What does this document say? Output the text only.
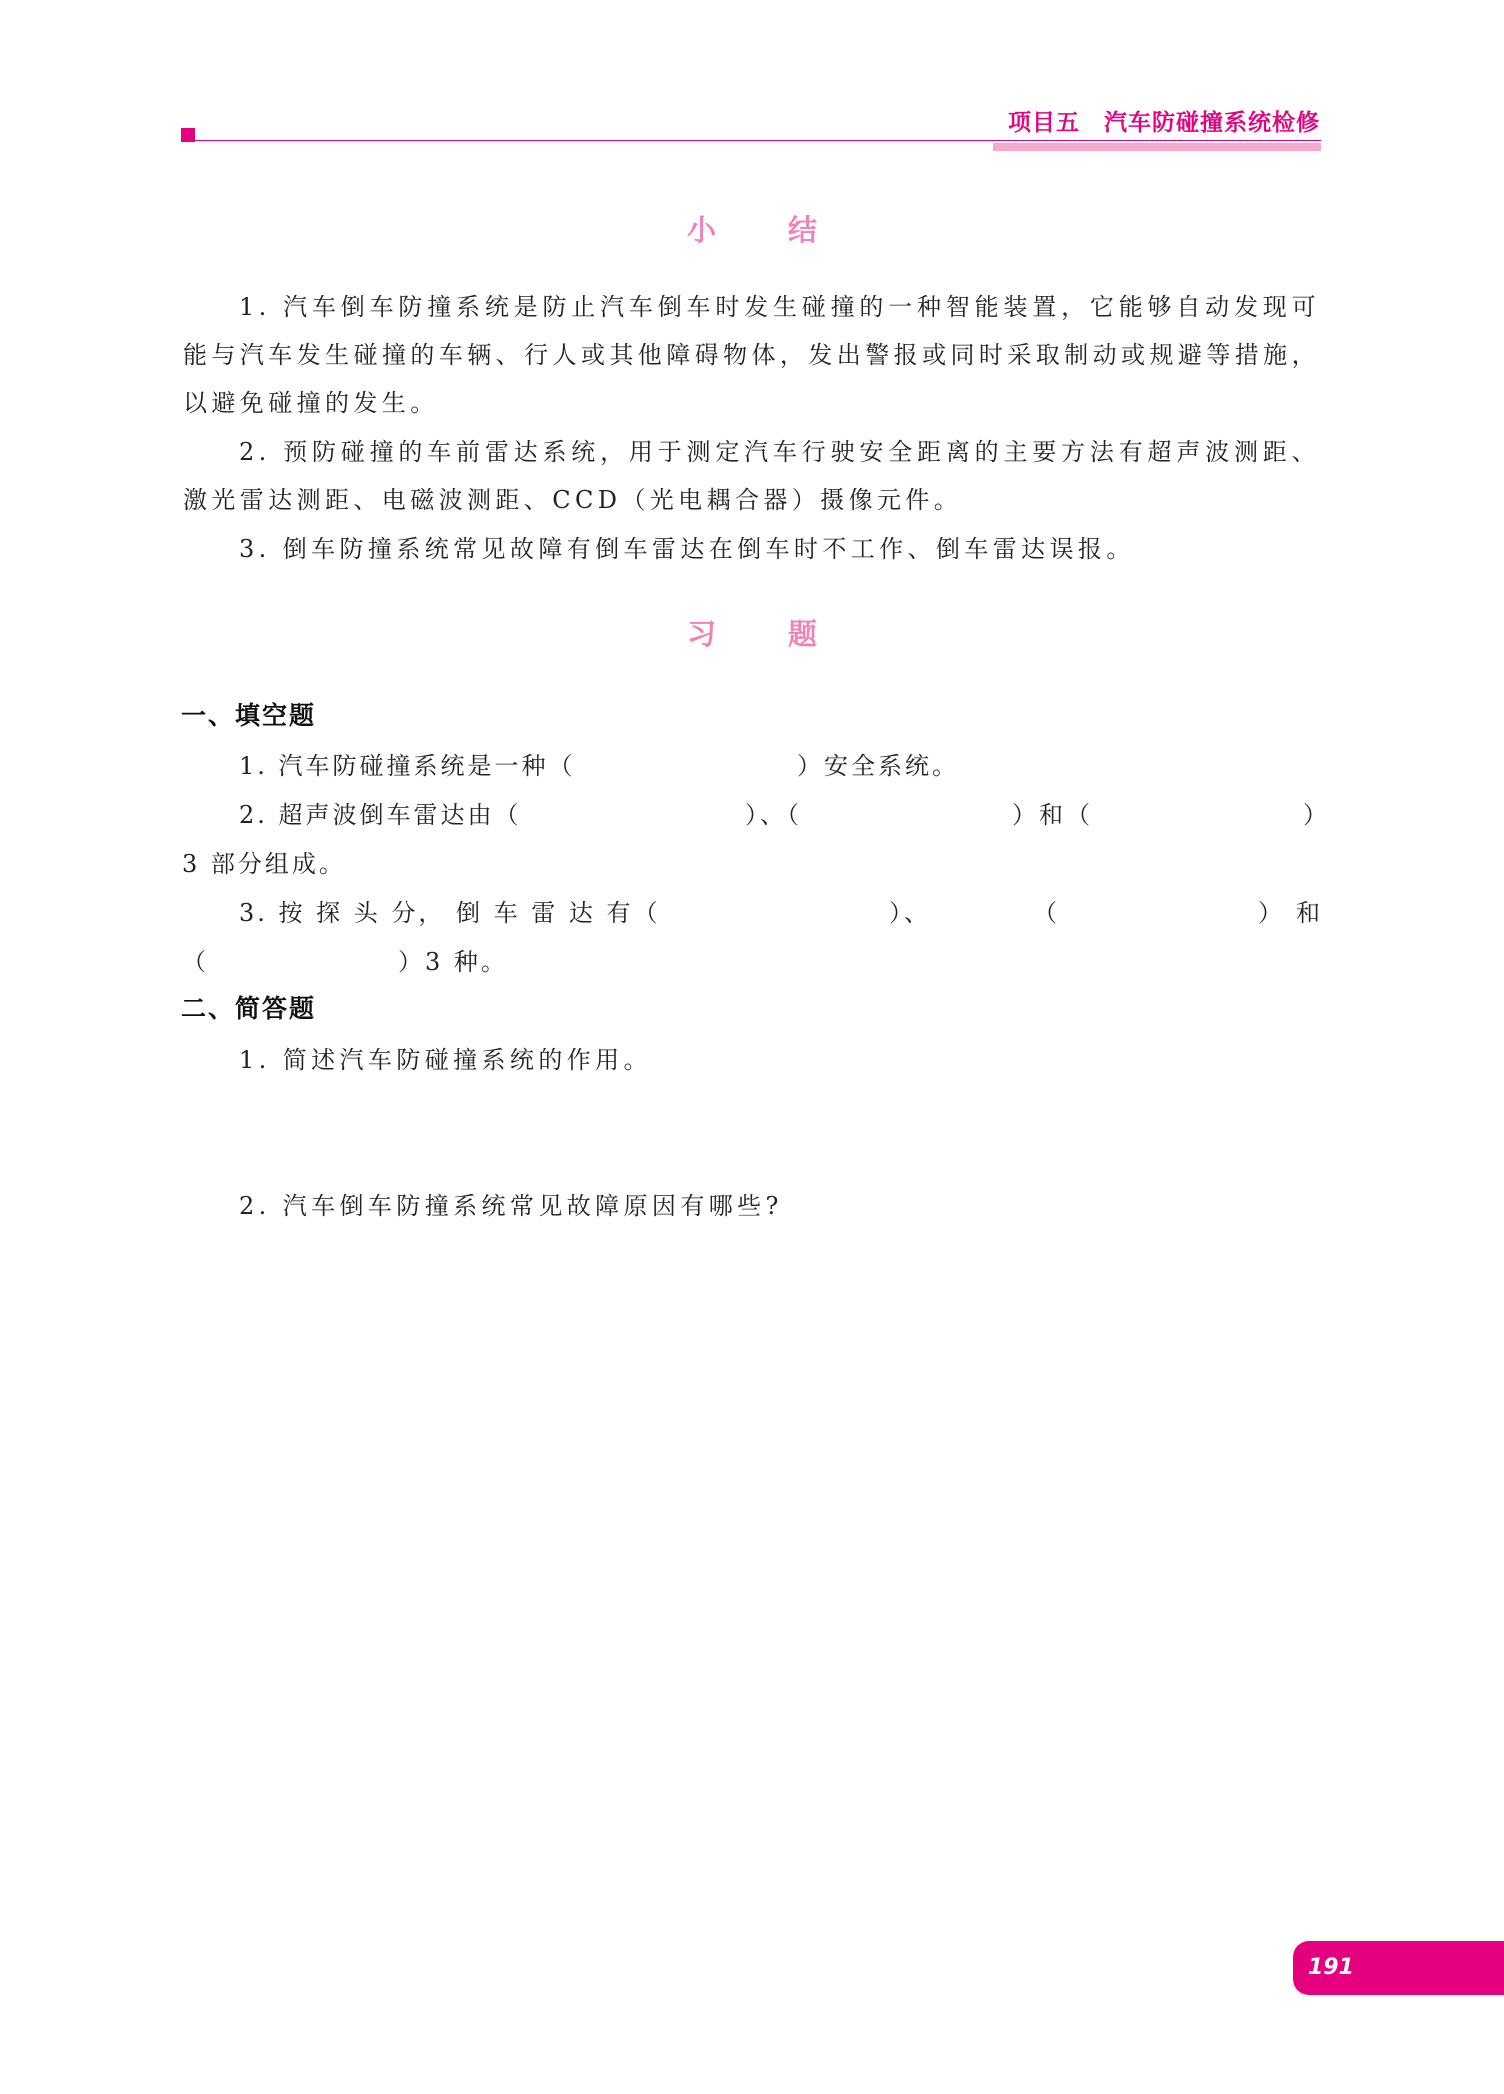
项目五　汽车防碰撞系统检修
小结

1. 汽车倒车防撞系统是防止汽车倒车时发生碰撞的一种智能装置，它能够自动发现可能与汽车发生碰撞的车辆、行人或其他障碍物体，发出警报或同时采取制动或规避等措施，以避免碰撞的发生。

2. 预防碰撞的车前雷达系统，用于测定汽车行驶安全距离的主要方法有超声波测距、激光雷达测距、电磁波测距、CCD（光电耦合器）摄像元件。

3. 倒车防撞系统常见故障有倒车雷达在倒车时不工作、倒车雷达误报。

习题
一、填空题
1. 汽车防碰撞系统是一种（	）安全系统。
2. 超声波倒车雷达由（	）、（	）和（	）
3 部分组成。
3. 按 探 头 分， 倒 车 雷 达 有（	）、	（	） 和
（	）3 种。
二、简答题
1. 简述汽车防碰撞系统的作用。
2. 汽车倒车防撞系统常见故障原因有哪些?
191
